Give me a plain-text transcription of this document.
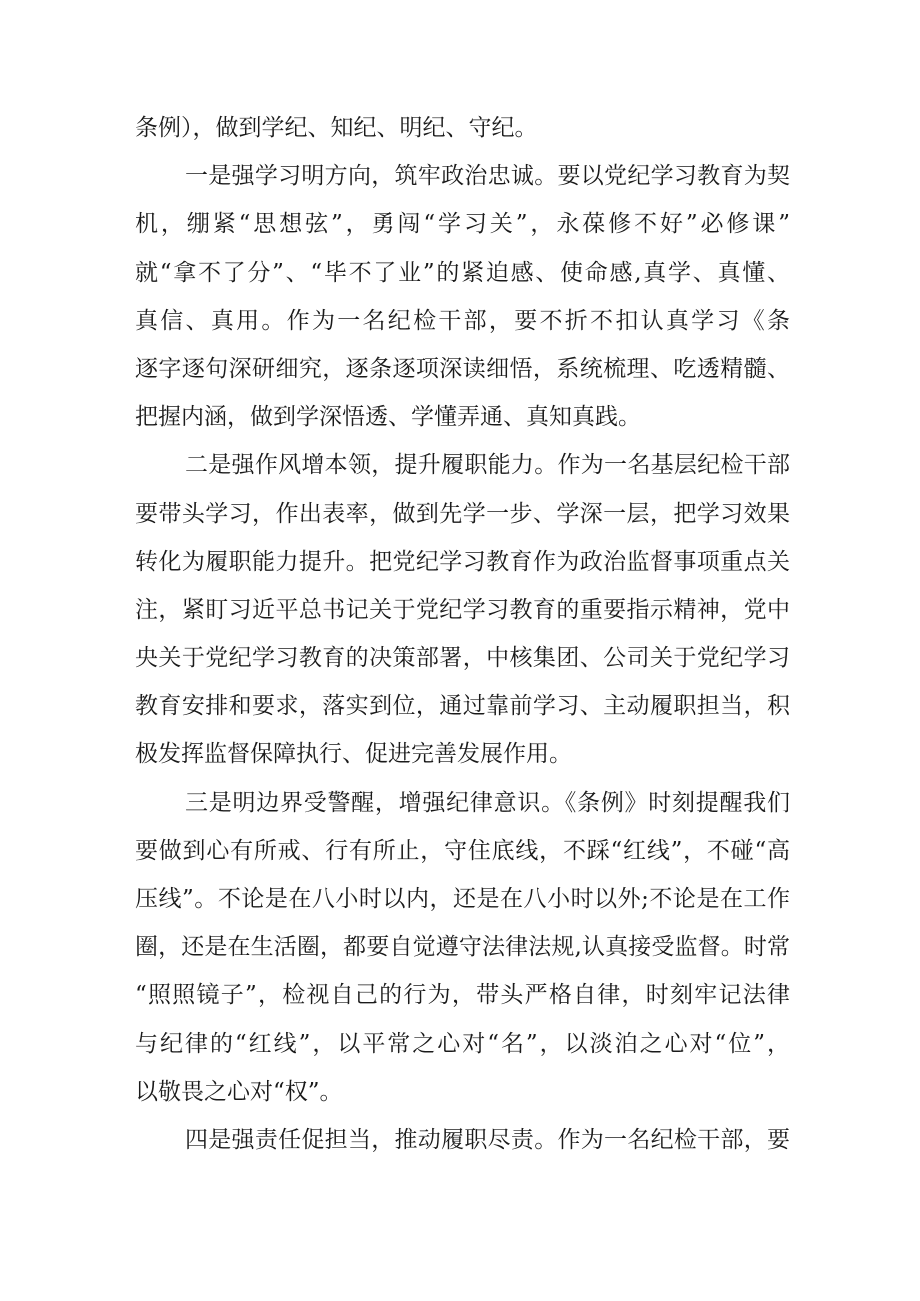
条例），做到学纪、知纪、明纪、守纪。
一是强学习明方向，筑牢政治忠诚。要以党纪学习教育为契
机，绷紧“思想弦”，勇闯“学习关”，永葆修不好”必修课”
就“拿不了分”、“毕不了业”的紧迫感、使命感,真学、真懂、
真信、真用。作为一名纪检干部，要不折不扣认真学习《条
逐字逐句深研细究，逐条逐项深读细悟，系统梳理、吃透精髓、
把握内涵，做到学深悟透、学懂弄通、真知真践。
二是强作风增本领，提升履职能力。作为一名基层纪检干部
要带头学习，作出表率，做到先学一步、学深一层，把学习效果
转化为履职能力提升。把党纪学习教育作为政治监督事项重点关
注，紧盯习近平总书记关于党纪学习教育的重要指示精神，党中
央关于党纪学习教育的决策部署，中核集团、公司关于党纪学习
教育安排和要求，落实到位，通过靠前学习、主动履职担当，积
极发挥监督保障执行、促进完善发展作用。
三是明边界受警醒，增强纪律意识。《条例》时刻提醒我们
要做到心有所戒、行有所止，守住底线，不踩“红线”，不碰“高
压线”。不论是在八小时以内，还是在八小时以外;不论是在工作
圈，还是在生活圈，都要自觉遵守法律法规,认真接受监督。时常
“照照镜子”，检视自己的行为，带头严格自律，时刻牢记法律
与纪律的“红线”，以平常之心对“名”，以淡泊之心对“位”，
以敬畏之心对“权”。
四是强责任促担当，推动履职尽责。作为一名纪检干部，要
